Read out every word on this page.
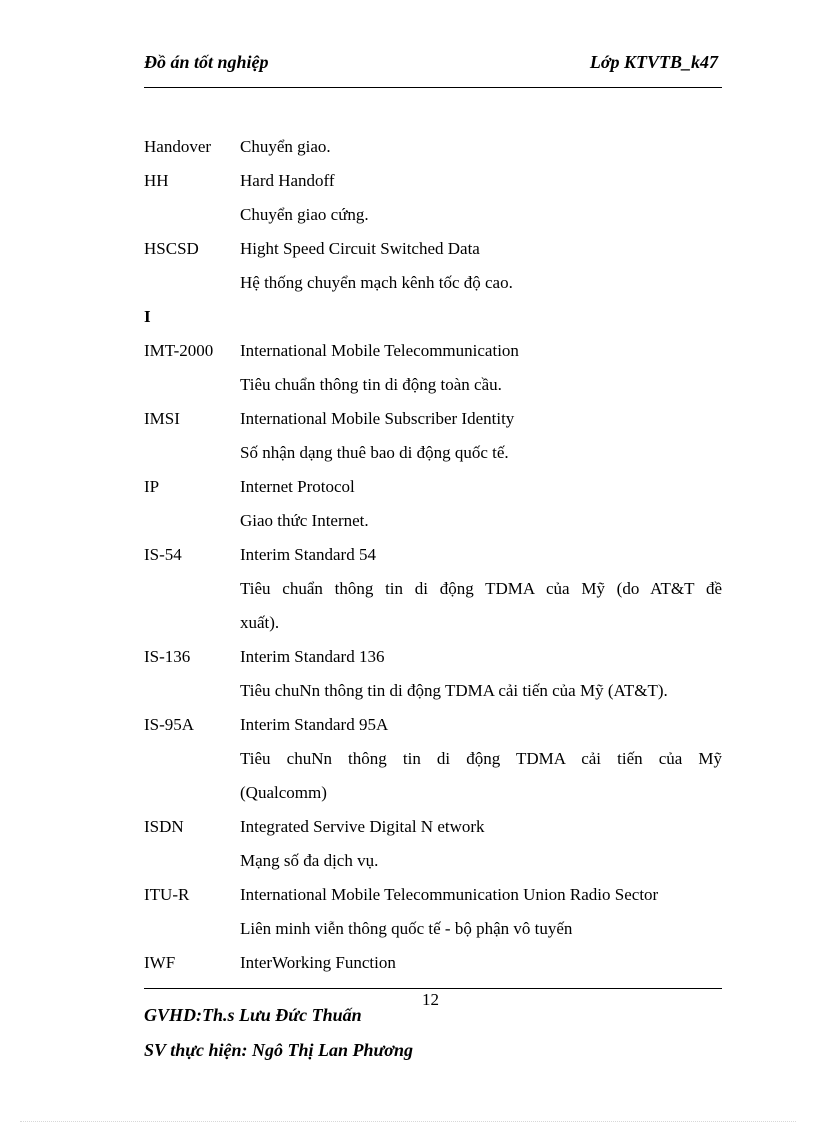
Đồ án tốt nghiệp	Lớp KTVTB_k47
Handover Chuyển giao.
HH	Hard Handoff
Chuyển giao cứng.
HSCSD Hight Speed Circuit Switched Data
Hệ thống chuyển mạch kênh tốc độ cao.
I
IMT-2000 International Mobile Telecommunication
Tiêu chuẩn thông tin di động toàn cầu.
IMSI	International Mobile Subscriber Identity
Số nhận dạng thuê bao di động quốc tế.
IP	Internet Protocol
Giao thức Internet.
IS-54	Interim Standard 54
Tiêu chuẩn thông tin di động TDMA của Mỹ (do AT&T đề
xuất).
IS-136	Interim Standard 136
Tiêu chuNn thông tin di động TDMA cải tiến của Mỹ (AT&T).
IS-95A	Interim Standard 95A
Tiêu chuNn thông tin di động TDMA cải tiến của Mỹ
(Qualcomm)
ISDN	Integrated Servive Digital N etwork
Mạng số đa dịch vụ.
ITU-R	International Mobile Telecommunication Union Radio Sector
Liên minh viễn thông quốc tế - bộ phận vô tuyến
IWF	InterWorking Function
12
GVHD:Th.s Lưu Đức Thuấn
SV thực hiện: Ngô Thị Lan Phương
